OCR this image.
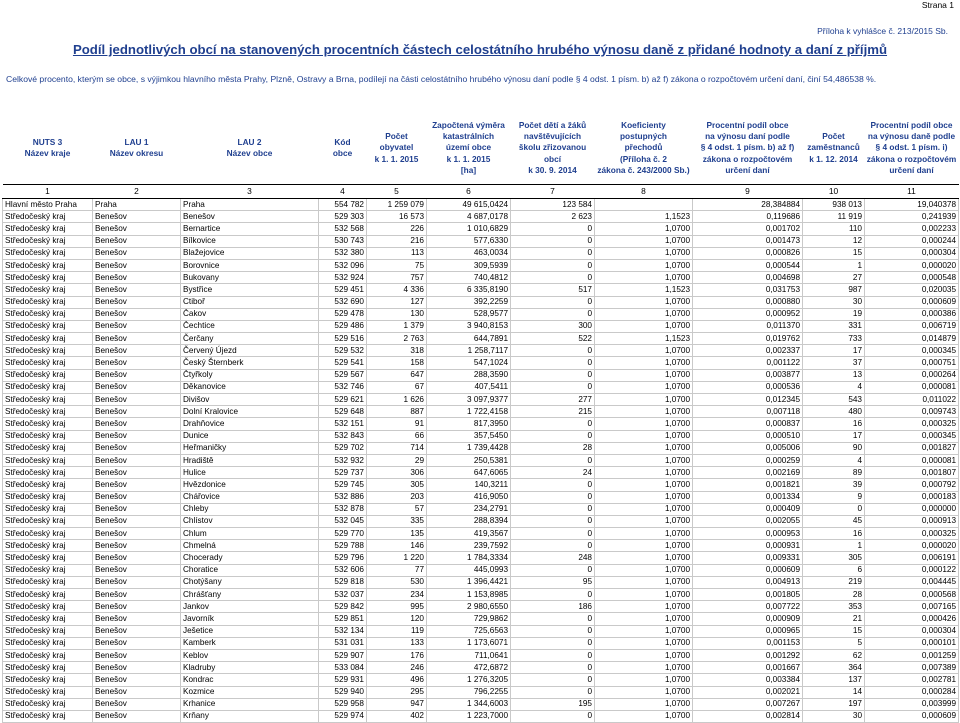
Strana 1
Příloha k vyhlášce č. 213/2015 Sb.
Podíl jednotlivých obcí na stanovených procentních částech celostátního hrubého výnosu daně z přidané hodnoty a daní z příjmů
Celkové procento, kterým se obce, s výjimkou hlavního města Prahy, Plzně, Ostravy a Brna, podílejí na části celostátního hrubého výnosu daní podle § 4 odst. 1 písm. b) až f) zákona o rozpočtovém určení daní, činí 54,486538 %.
NUTS 3
Název kraje	LAU 1
Název okresu	LAU 2
Název obce	Kód
obce	Počet
obyvatel
k 1. 1. 2015	Započtená výměra
katastrálních
území obce
k 1. 1. 2015
[ha]	Počet dětí a žáků
navštěvujících
školu zřizovanou
obcí
k 30. 9. 2014	Koeficienty
postupných
přechodů
(Příloha č. 2
zákona č. 243/2000 Sb.)	Procentní podíl obce
na výnosu daní podle
§ 4 odst. 1 písm. b) až f)
zákona o rozpočtovém
určení daní	Počet
zaměstnanců
k 1. 12. 2014	Procentní podíl obce
na výnosu daně podle
§ 4 odst. 1 písm. i)
zákona o rozpočtovém
určení daní
1	2	3	4	5	6	7	8	9	10	11
Hlavní město Praha	Praha	Praha	554 782	1 259 079	49 615,0424	123 584		28,384884	938 013	19,040378
Středočeský kraj	Benešov	Benešov	529 303	16 573	4 687,0178	2 623	1,1523	0,119686	11 919	0,241939
Středočeský kraj	Benešov	Bernartice	532 568	226	1 010,6829	0	1,0700	0,001702	110	0,002233
Středočeský kraj	Benešov	Bílkovice	530 743	216	577,6330	0	1,0700	0,001473	12	0,000244
Středočeský kraj	Benešov	Blažejovice	532 380	113	463,0034	0	1,0700	0,000826	15	0,000304
Středočeský kraj	Benešov	Borovnice	532 096	75	309,5939	0	1,0700	0,000544	1	0,000020
Středočeský kraj	Benešov	Bukovany	532 924	757	740,4812	0	1,0700	0,004698	27	0,000548
Středočeský kraj	Benešov	Bystřice	529 451	4 336	6 335,8190	517	1,1523	0,031753	987	0,020035
Středočeský kraj	Benešov	Ctiboř	532 690	127	392,2259	0	1,0700	0,000880	30	0,000609
Středočeský kraj	Benešov	Čakov	529 478	130	528,9577	0	1,0700	0,000952	19	0,000386
Středočeský kraj	Benešov	Čechtice	529 486	1 379	3 940,8153	300	1,0700	0,011370	331	0,006719
Středočeský kraj	Benešov	Čerčany	529 516	2 763	644,7891	522	1,1523	0,019762	733	0,014879
Středočeský kraj	Benešov	Červený Újezd	529 532	318	1 258,7117	0	1,0700	0,002337	17	0,000345
Středočeský kraj	Benešov	Český Šternberk	529 541	158	547,1024	0	1,0700	0,001122	37	0,000751
Středočeský kraj	Benešov	Čtyřkoly	529 567	647	288,3590	0	1,0700	0,003877	13	0,000264
Středočeský kraj	Benešov	Děkanovice	532 746	67	407,5411	0	1,0700	0,000536	4	0,000081
Středočeský kraj	Benešov	Divišov	529 621	1 626	3 097,9377	277	1,0700	0,012345	543	0,011022
Středočeský kraj	Benešov	Dolní Kralovice	529 648	887	1 722,4158	215	1,0700	0,007118	480	0,009743
Středočeský kraj	Benešov	Drahňovice	532 151	91	817,3950	0	1,0700	0,000837	16	0,000325
Středočeský kraj	Benešov	Dunice	532 843	66	357,5450	0	1,0700	0,000510	17	0,000345
Středočeský kraj	Benešov	Heřmaničky	529 702	714	1 739,4428	28	1,0700	0,005006	90	0,001827
Středočeský kraj	Benešov	Hradiště	532 932	29	250,5381	0	1,0700	0,000259	4	0,000081
Středočeský kraj	Benešov	Hulice	529 737	306	647,6065	24	1,0700	0,002169	89	0,001807
Středočeský kraj	Benešov	Hvězdonice	529 745	305	140,3211	0	1,0700	0,001821	39	0,000792
Středočeský kraj	Benešov	Chářovice	532 886	203	416,9050	0	1,0700	0,001334	9	0,000183
Středočeský kraj	Benešov	Chleby	532 878	57	234,2791	0	1,0700	0,000409	0	0,000000
Středočeský kraj	Benešov	Chlístov	532 045	335	288,8394	0	1,0700	0,002055	45	0,000913
Středočeský kraj	Benešov	Chlum	529 770	135	419,3567	0	1,0700	0,000953	16	0,000325
Středočeský kraj	Benešov	Chmelná	529 788	146	239,7592	0	1,0700	0,000931	1	0,000020
Středočeský kraj	Benešov	Chocerady	529 796	1 220	1 784,3334	248	1,0700	0,009331	305	0,006191
Středočeský kraj	Benešov	Choratice	532 606	77	445,0993	0	1,0700	0,000609	6	0,000122
Středočeský kraj	Benešov	Chotýšany	529 818	530	1 396,4421	95	1,0700	0,004913	219	0,004445
Středočeský kraj	Benešov	Chrášťany	532 037	234	1 153,8985	0	1,0700	0,001805	28	0,000568
Středočeský kraj	Benešov	Jankov	529 842	995	2 980,6550	186	1,0700	0,007722	353	0,007165
Středočeský kraj	Benešov	Javorník	529 851	120	729,9862	0	1,0700	0,000909	21	0,000426
Středočeský kraj	Benešov	Ješetice	532 134	119	725,6563	0	1,0700	0,000965	15	0,000304
Středočeský kraj	Benešov	Kamberk	531 031	133	1 173,6071	0	1,0700	0,001153	5	0,000101
Středočeský kraj	Benešov	Keblov	529 907	176	711,0641	0	1,0700	0,001292	62	0,001259
Středočeský kraj	Benešov	Kladruby	533 084	246	472,6872	0	1,0700	0,001667	364	0,007389
Středočeský kraj	Benešov	Kondrac	529 931	496	1 276,3205	0	1,0700	0,003384	137	0,002781
Středočeský kraj	Benešov	Kozmice	529 940	295	796,2255	0	1,0700	0,002021	14	0,000284
Středočeský kraj	Benešov	Krhanice	529 958	947	1 344,6003	195	1,0700	0,007267	197	0,003999
Středočeský kraj	Benešov	Krňany	529 974	402	1 223,7000	0	1,0700	0,002814	30	0,000609
